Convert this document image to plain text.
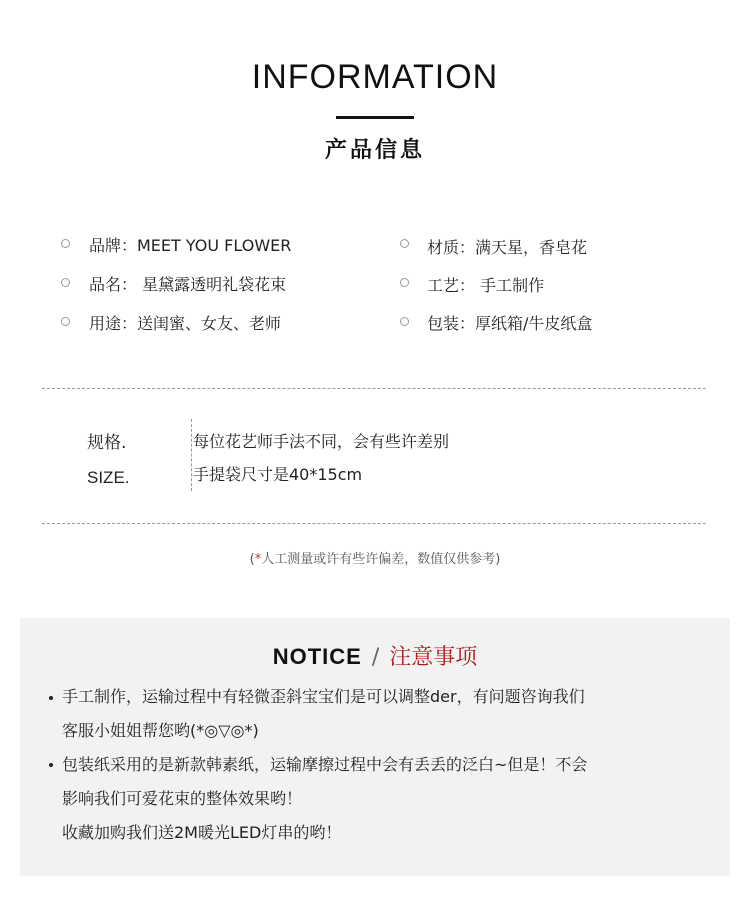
INFORMATION
产品信息
品牌：MEET YOU FLOWER
品名： 星黛露透明礼袋花束
用途：送闺蜜、女友、老师
材质：满天星，香皂花
工艺： 手工制作
包装：厚纸箱/牛皮纸盒
规格.
SIZE.
每位花艺师手法不同，会有些许差别
手提袋尺寸是40*15cm
(*人工测量或许有些许偏差，数值仅供参考)
NOTICE / 注意事项
手工制作，运输过程中有轻微歪斜宝宝们是可以调整der，有问题咨询我们
客服小姐姐帮您哟(*◎▽◎*)
包装纸采用的是新款韩素纸，运输摩擦过程中会有丢丢的泛白~但是！不会
影响我们可爱花束的整体效果哟！
收藏加购我们送2M暖光LED灯串的哟！
